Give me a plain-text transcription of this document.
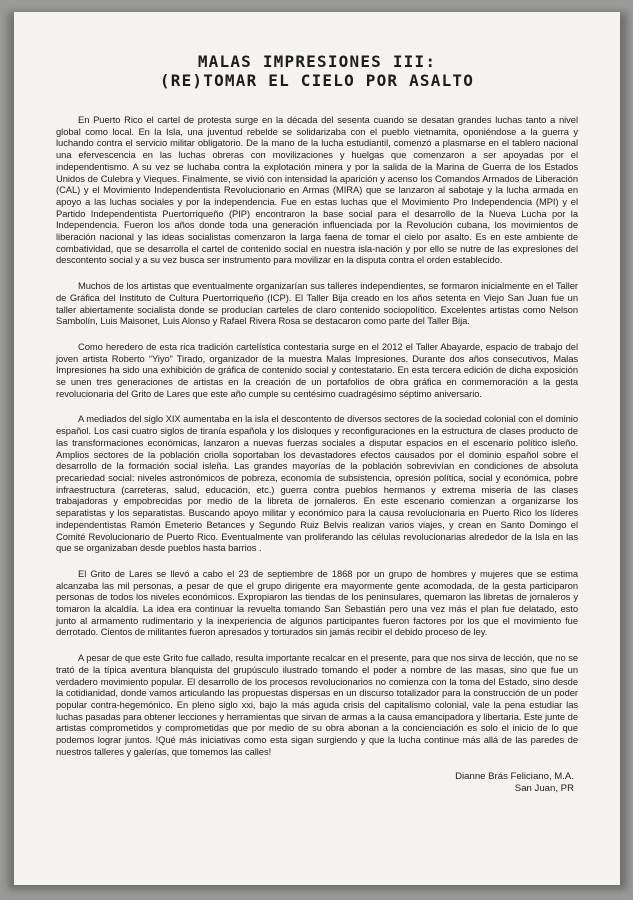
MALAS IMPRESIONES III:
(RE)TOMAR EL CIELO POR ASALTO

En Puerto Rico el cartel de protesta surge en la década del sesenta cuando se desatan grandes luchas tanto a nivel global como local. En la Isla, una juventud rebelde se solidarizaba con el pueblo vietnamita, oponiéndose a la guerra y luchando contra el servicio militar obligatorio. De la mano de la lucha estudiantil, comenzó a plasmarse en el tablero nacional una efervescencia en las luchas obreras con movilizaciones y huelgas que comenzaron a ser apoyadas por el independentismo. A su vez se luchaba contra la explotación minera y por la salida de la Marina de Guerra de los Estados Unidos de Culebra y Vieques. Finalmente, se vivió con intensidad la aparición y acenso los Comandos Armados de Liberación (CAL) y el Movimiento Independentista Revolucionario en Armas (MIRA) que se lanzaron al sabotaje y la lucha armada en apoyo a las luchas sociales y por la independencia. Fue en estas luchas que el Movimiento Pro Independencia (MPI) y el Partido Independentista Puertorriqueño (PIP) encontraron la base social para el desarrollo de la Nueva Lucha por la Independencia. Fueron los años donde toda una generación influenciada por la Revolución cubana, los movimientos de liberación nacional y las ideas socialistas comenzaron la larga faena de tomar el cielo por asalto. Es en este ambiente de combatividad, que se desarrolla el cartel de contenido social en nuestra isla-nación y por ello se nutre de las expresiones del descontento social y a su vez busca ser instrumento para movilizar en la disputa contra el orden establecido.

Muchos de los artistas que eventualmente organizarían sus talleres independientes, se formaron inicialmente en el Taller de Gráfica del Instituto de Cultura Puertorriqueño (ICP). El Taller Bija creado en los años setenta en Viejo San Juan fue un taller abiertamente socialista donde se producían carteles de claro contenido sociopolítico. Excelentes artistas como Nelson Sambolín, Luis Maisonet, Luis Alonso y Rafael Rivera Rosa se destacaron como parte del Taller Bija.

Como heredero de esta rica tradición cartelística contestaria surge en el 2012 el Taller Abayarde, espacio de trabajo del joven artista Roberto “Yiyo” Tirado, organizador de la muestra Malas Impresiones. Durante dos años consecutivos, Malas Impresiones ha sido una exhibición de gráfica de contenido social y contestatario. En esta tercera edición de dicha exposición se unen tres generaciones de artistas en la creación de un portafolios de obra gráfica en conmemoración a la gesta revolucionaria del Grito de Lares que este año cumple su centésimo cuadragésimo séptimo aniversario.

A mediados del siglo XIX aumentaba en la isla el descontento de diversos sectores de la sociedad colonial con el dominio español. Los casi cuatro siglos de tiranía española y los disloques y reconfiguraciones en la estructura de clases producto de las transformaciones económicas, lanzaron a nuevas fuerzas sociales a disputar espacios en el escenario político isleño. Amplios sectores de la población criolla soportaban los devastadores efectos causados por el dominio español sobre el desarrollo de la formación social isleña. Las grandes mayorías de la población sobrevivían en condiciones de absoluta precariedad social: niveles astronómicos de pobreza, economía de subsistencia, opresión política, social y económica, pobre infraestructura (carreteras, salud, educación, etc.) guerra contra pueblos hermanos y extrema miseria de las clases trabajadoras y empobrecidas por medio de la libreta de jornaleros. En este escenario comienzan a organizarse los separatistas y los separatistas. Buscando apoyo militar y económico para la causa revolucionaria en Puerto Rico los líderes independentistas Ramón Emeterio Betances y Segundo Ruiz Belvis realizan varios viajes, y crean en Santo Domingo el Comité Revolucionario de Puerto Rico. Eventualmente van proliferando las células revolucionarias alrededor de la Isla en las que se organizaban desde pueblos hasta barrios .

El Grito de Lares se llevó a cabo el 23 de septiembre de 1868 por un grupo de hombres y mujeres que se estima alcanzaba las mil personas, a pesar de que el grupo dirigente era mayormente gente acomodada, de la gesta participaron personas de todos los niveles económicos. Expropiaron las tiendas de los peninsulares, quemaron las libretas de jornaleros y tomaron la alcaldía. La idea era continuar la revuelta tomando San Sebastián pero una vez más el plan fue delatado, esto junto al armamento rudimentario y la inexperiencia de algunos participantes fueron factores por los que el movimiento fue derrotado. Cientos de militantes fueron apresados y torturados sin jamás recibir el debido proceso de ley.

A pesar de que este Grito fue callado, resulta importante recalcar en el presente, para que nos sirva de lección, que no se trató de la típica aventura blanquista del grupúsculo ilustrado tomando el poder a nombre de las masas, sino que fue un verdadero movimiento popular. El desarrollo de los procesos revolucionarios no comienza con la toma del Estado, sino desde la cotidianidad, donde vamos articulando las propuestas dispersas en un discurso totalizador para la construcción de un poder popular contra-hegemónico. En pleno siglo xxi, bajo la más aguda crisis del capitalismo colonial, vale la pena estudiar las luchas pasadas para obtener lecciones y herramientas que sirvan de armas a la causa emancipadora y libertaria. Este junte de artistas comprometidos y comprometidas que por medio de su obra abonan a la concienciación es solo el inicio de lo que podemos lograr juntos. !Qué más iniciativas como esta sigan surgiendo y que la lucha continue más allá de las paredes de nuestros talleres y galerías, que tomemos las calles!

Dianne Brás Feliciano, M.A.
San Juan, PR
